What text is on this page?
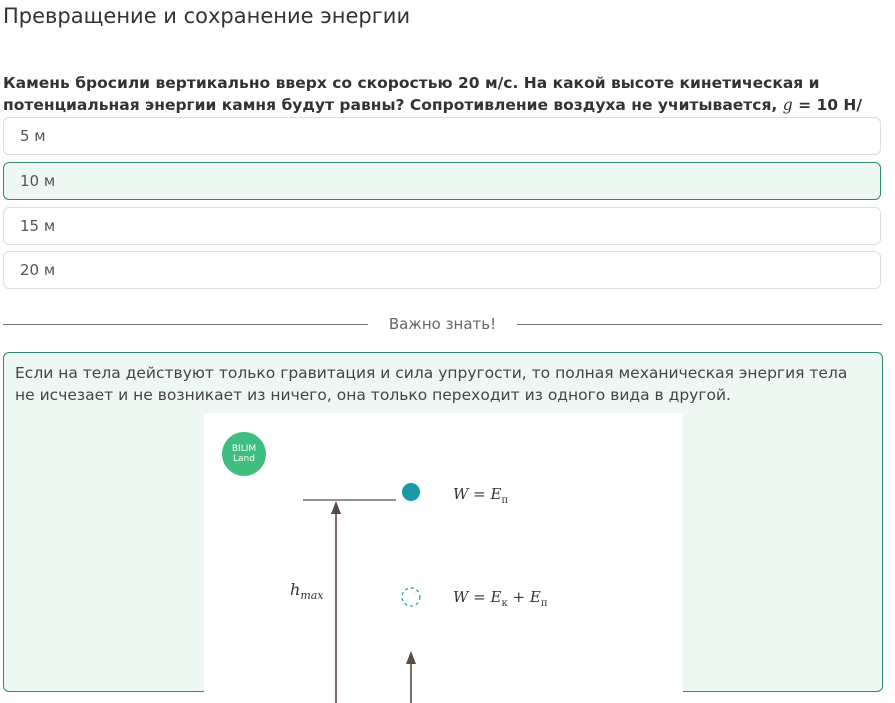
Превращение и сохранение энергии
Камень бросили вертикально вверх со скоростью 20 м/с. На какой высоте кинетическая и потенциальная энергии камня будут равны? Сопротивление воздуха не учитывается, g = 10 Н/
5 м
10 м
15 м
20 м
Важно знать!
Если на тела действуют только гравитация и сила упругости, то полная механическая энергия тела не исчезает и не возникает из ничего, она только переходит из одного вида в другой.
BILIM
Land
$h_{max}$
$W = E_п$
$W = E_к + E_п$
